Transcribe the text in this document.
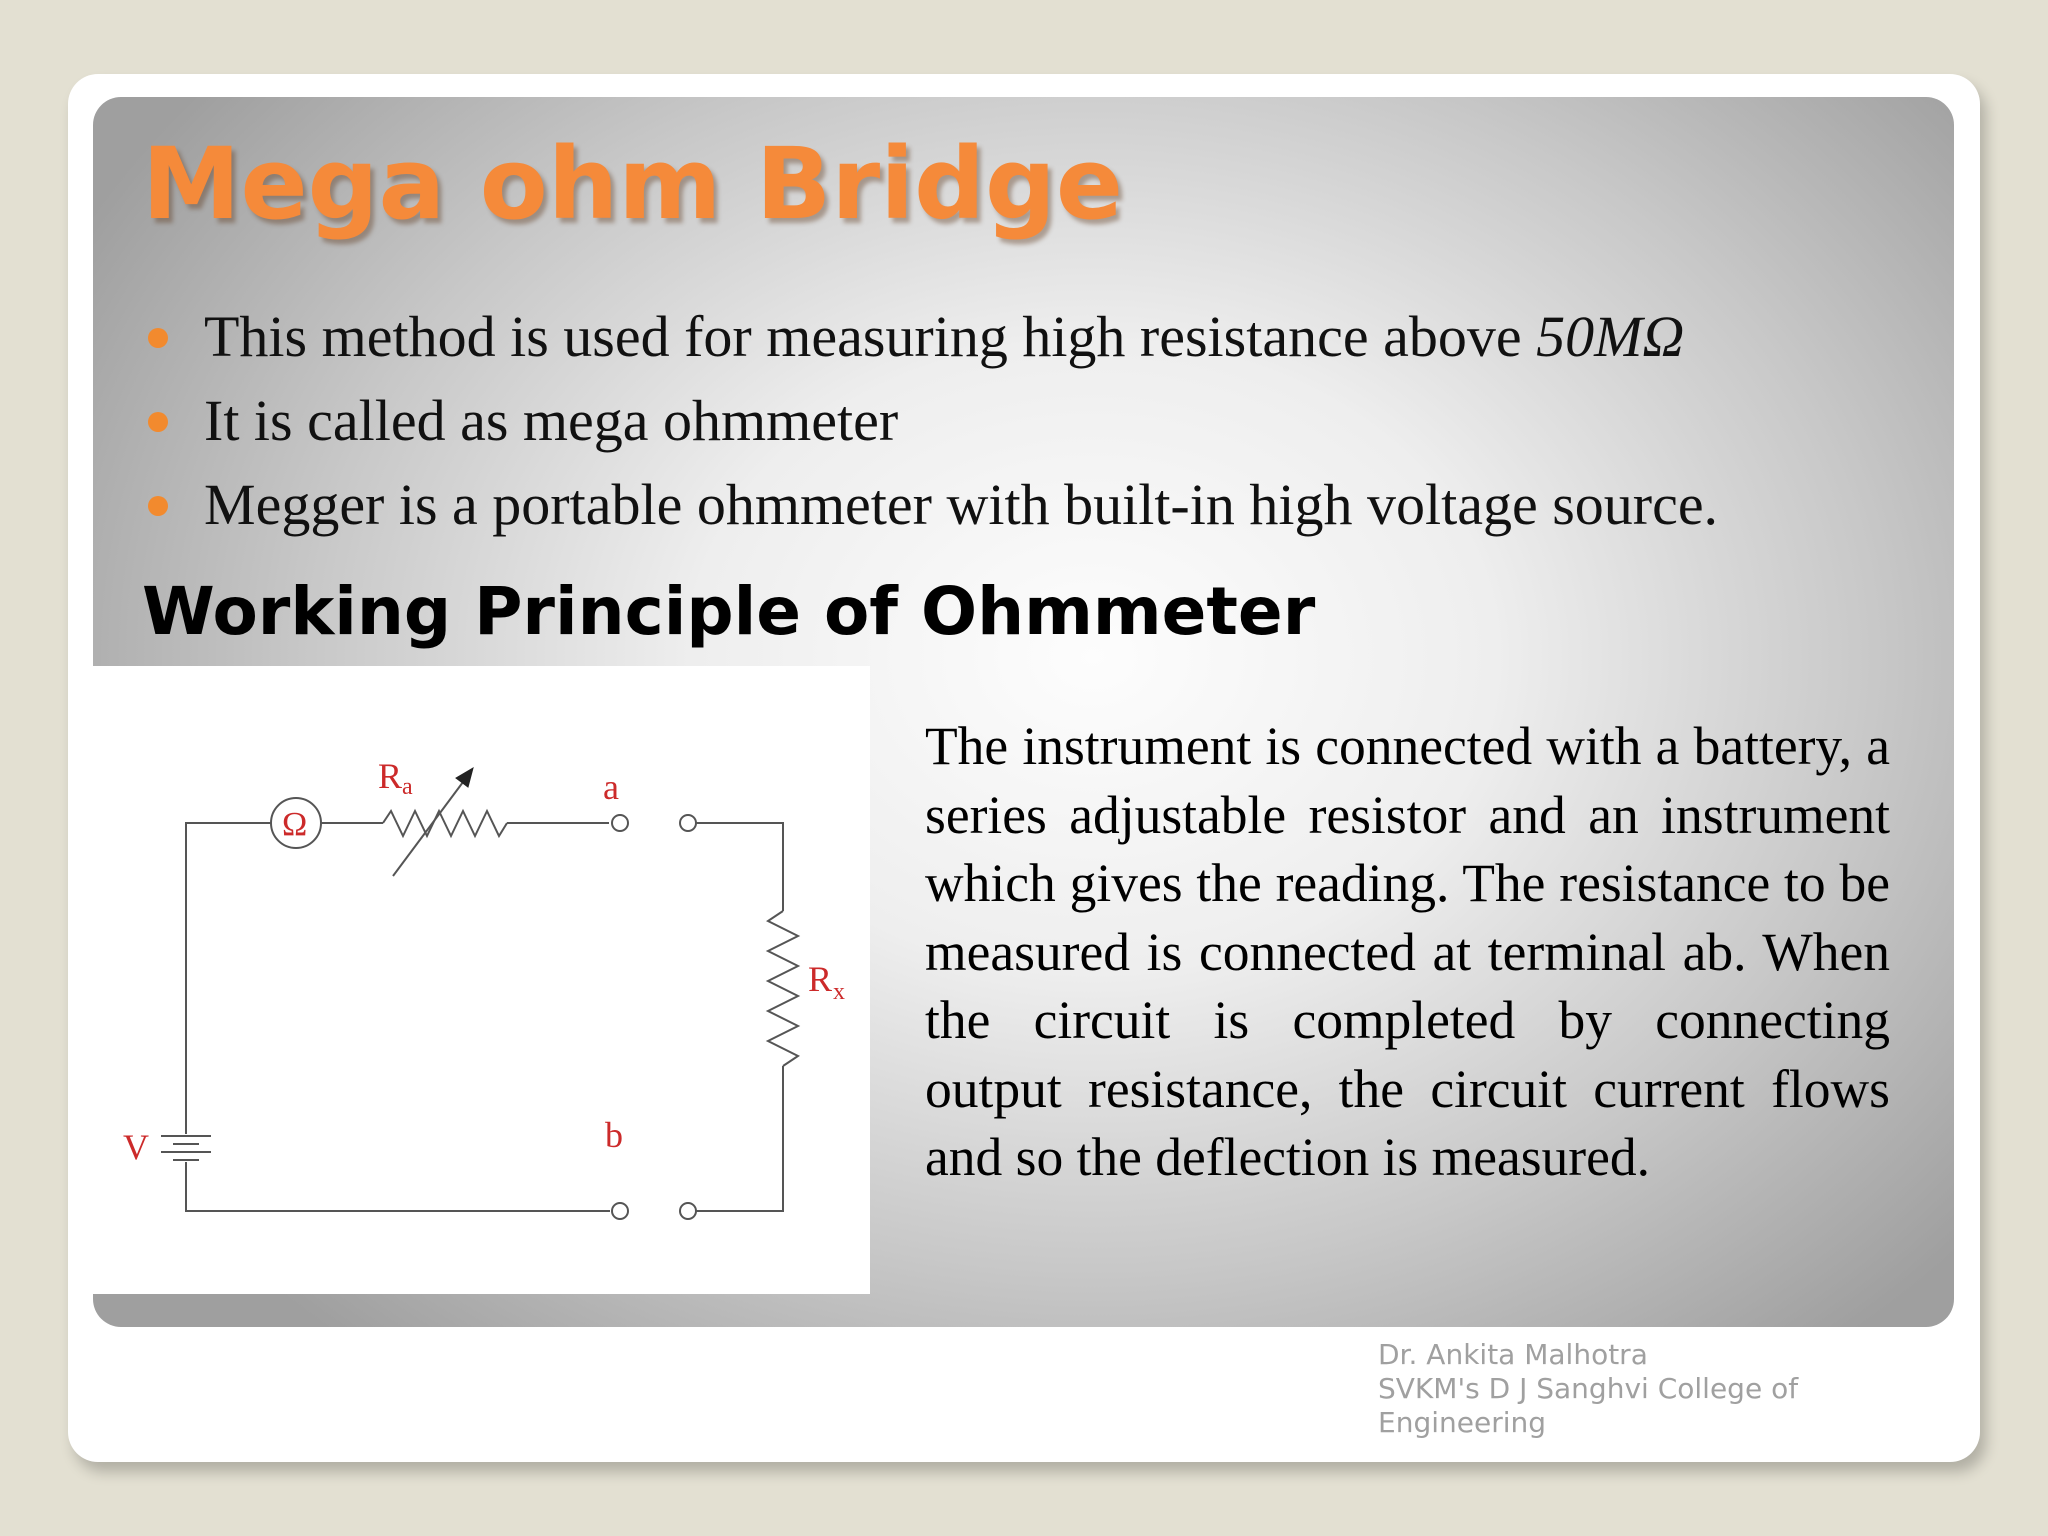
Mega ohm Bridge
This method is used for measuring high resistance above 50MΩ
It is called as mega ohmmeter
Megger is a portable ohmmeter with built-in high voltage source.
Working Principle of Ohmmeter
Ω
R a	a
b
R x
V

The instrument is connected with a battery, a series adjustable resistor and an instrument which gives the reading. The resistance to be measured is connected at terminal ab. When the circuit is completed by connecting output resistance, the circuit current flows and so the deflection is measured.

Dr. Ankita Malhotra
SVKM's D J Sanghvi College of
Engineering
